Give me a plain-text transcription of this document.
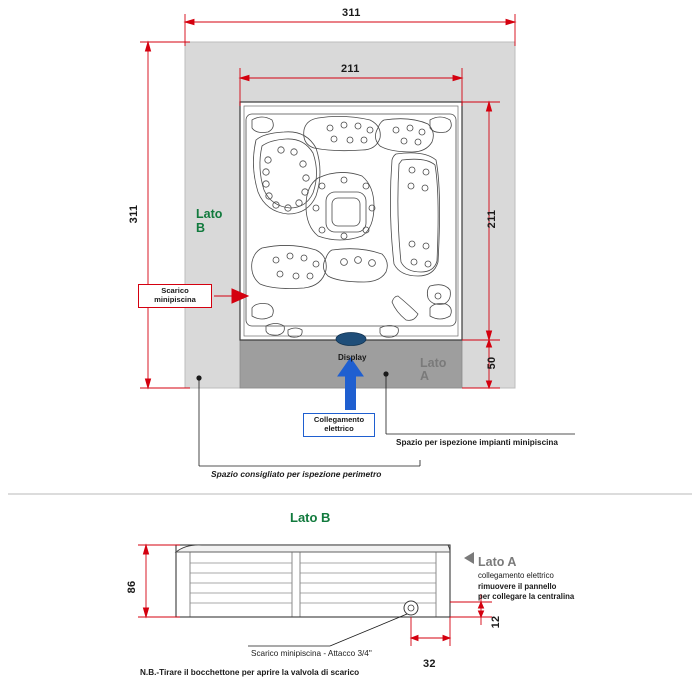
311
211
311	211
50
Lato
B
Lato
A
Display
Scarico
minipiscina
Collegamento
elettrico
Spazio per ispezione impianti minipiscina
Spazio consigliato per ispezione perimetro
Lato B
86
12
32
Lato A
collegamento elettrico
rimuovere il pannello
per collegare la centralina
Scarico minipiscina - Attacco 3/4"
N.B.-Tirare il bocchettone per aprire la valvola di scarico
